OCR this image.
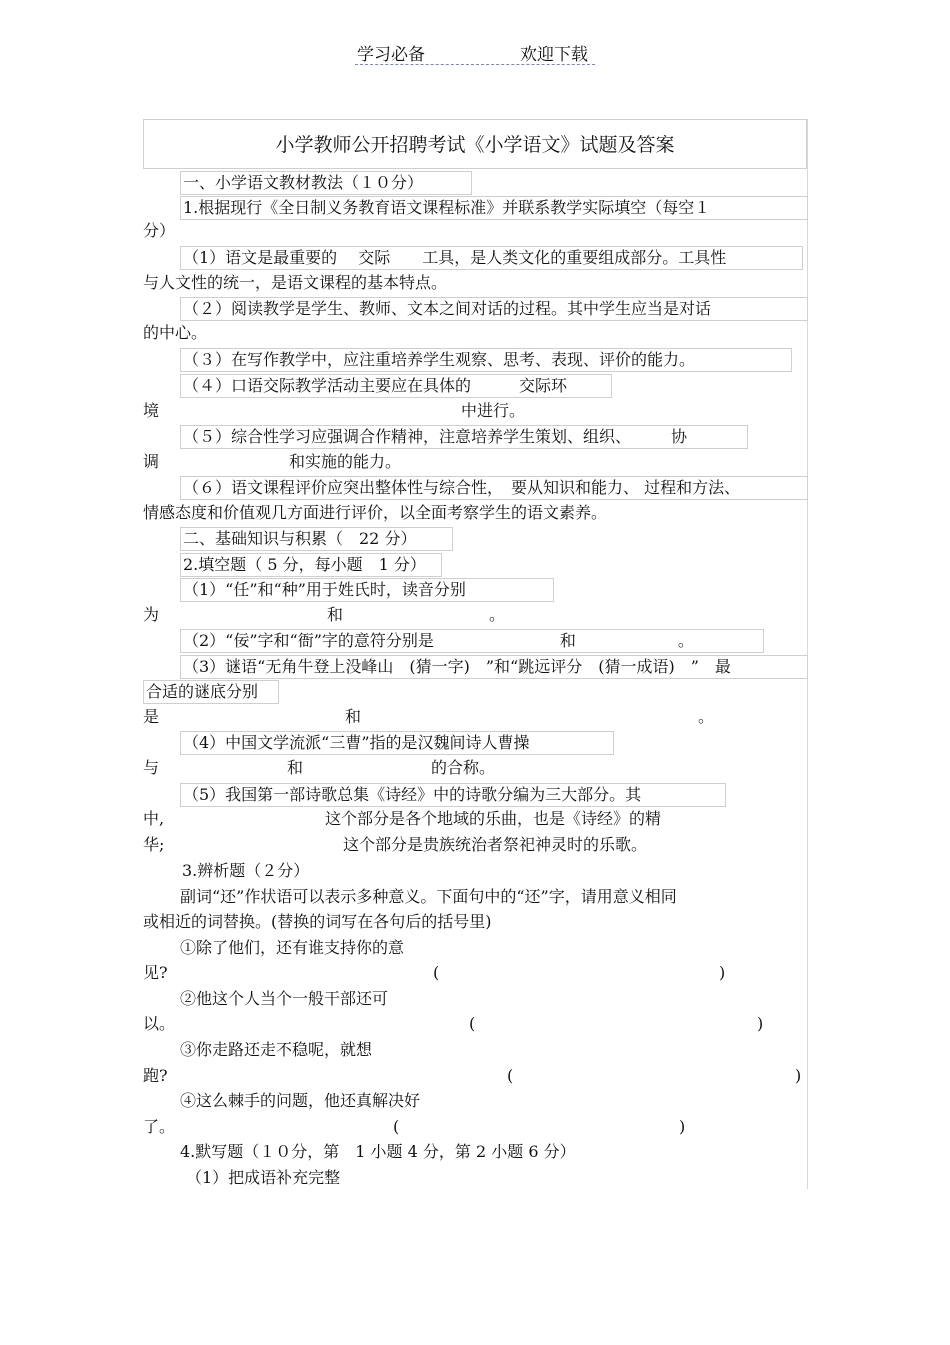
学习必备	欢迎下载
小学教师公开招聘考试《小学语文》试题及答案
一、小学语文教材教法（１０分）
1.根据现行《全日制义务教育语文课程标准》并联系教学实际填空（每空１
分）
（1）语文是最重要的　 交际　　工具，是人类文化的重要组成部分。工具性
与人文性的统一，是语文课程的基本特点。
（２）阅读教学是学生、教师、文本之间对话的过程。其中学生应当是对话
的中心。
（３）在写作教学中，应注重培养学生观察、思考、表现、评价的能力。
（４）口语交际教学活动主要应在具体的　　　交际环
境	中进行。
（５）综合性学习应强调合作精神，注意培养学生策划、组织、　　　协
调	和实施的能力。
（６）语文课程评价应突出整体性与综合性，　要从知识和能力、 过程和方法、
情感态度和价值观几方面进行评价，以全面考察学生的语文素养。
二、基础知识与积累（　22 分）
2.填空题（ 5 分，每小题　1 分）
（1）“任”和“种”用于姓氏时，读音分别
为	和	。
（2）“佞”字和“衙”字的意符分别是	和	。
（3）谜语“无角牛登上没峰山　(猜一字)　”和“跳远评分　(猜一成语)　”　最
合适的谜底分别
是	和	。
（4）中国文学流派“三曹”指的是汉魏间诗人曹操
与	和	的合称。
（5）我国第一部诗歌总集《诗经》中的诗歌分编为三大部分。其
中,	这个部分是各个地域的乐曲，也是《诗经》的精
华;	这个部分是贵族统治者祭祀神灵时的乐歌。
3.辨析题（２分）
副词“还”作状语可以表示多种意义。下面句中的“还”字，请用意义相同
或相近的词替换。(替换的词写在各句后的括号里)
①除了他们，还有谁支持你的意
见?	(	)
②他这个人当个一般干部还可
以。	(	)
③你走路还走不稳呢，就想
跑?	(	)
④这么棘手的问题，他还真解决好
了。	(	)
4.默写题（１０分，第　1 小题 4 分，第 2 小题 6 分）
（1）把成语补充完整
